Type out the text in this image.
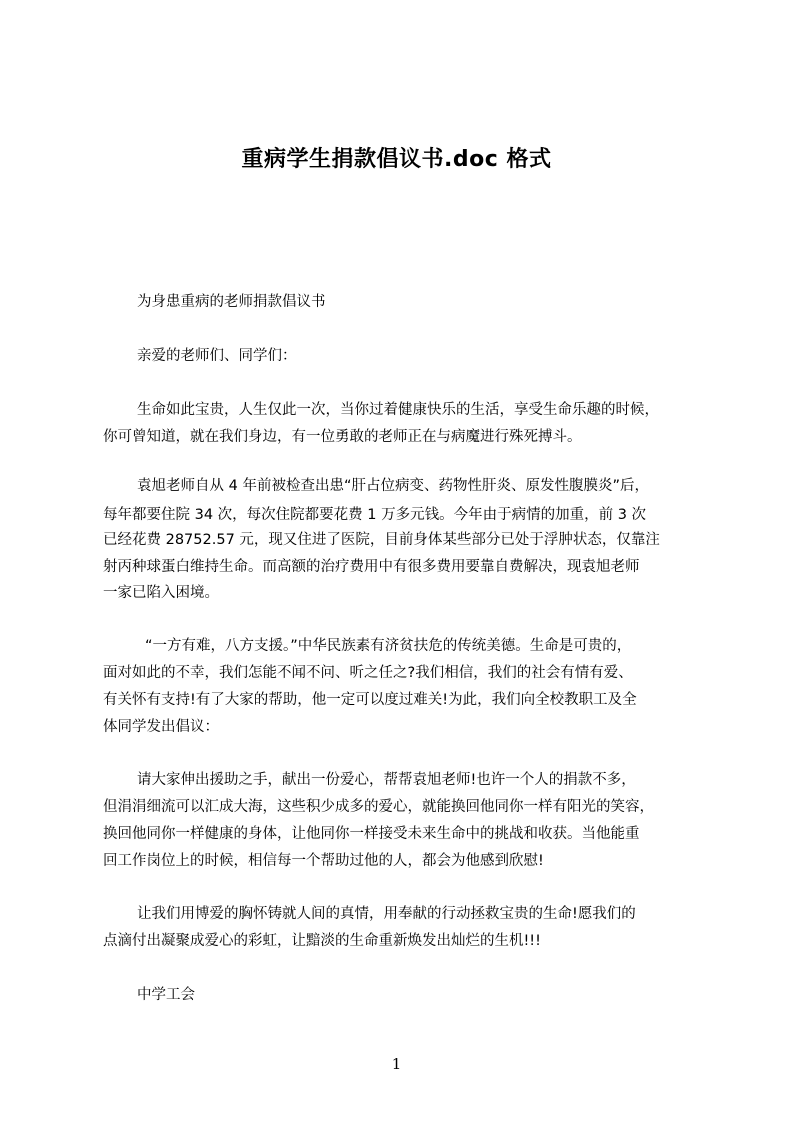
重病学生捐款倡议书.doc 格式
为身患重病的老师捐款倡议书
亲爱的老师们、同学们：
生命如此宝贵，人生仅此一次，当你过着健康快乐的生活，享受生命乐趣的时候，
你可曾知道，就在我们身边，有一位勇敢的老师正在与病魔进行殊死搏斗。
袁旭老师自从 4 年前被检查出患“肝占位病变、药物性肝炎、原发性腹膜炎”后，
每年都要住院 34 次，每次住院都要花费 1 万多元钱。今年由于病情的加重，前 3 次
已经花费 28752.57 元，现又住进了医院，目前身体某些部分已处于浮肿状态，仅靠注
射丙种球蛋白维持生命。而高额的治疗费用中有很多费用要靠自费解决，现袁旭老师
一家已陷入困境。
“一方有难，八方支援。”中华民族素有济贫扶危的传统美德。生命是可贵的，
面对如此的不幸，我们怎能不闻不问、听之任之?我们相信，我们的社会有情有爱、
有关怀有支持!有了大家的帮助，他一定可以度过难关!为此，我们向全校教职工及全
体同学发出倡议：
请大家伸出援助之手，献出一份爱心，帮帮袁旭老师!也许一个人的捐款不多，
但涓涓细流可以汇成大海，这些积少成多的爱心，就能换回他同你一样有阳光的笑容，
换回他同你一样健康的身体，让他同你一样接受未来生命中的挑战和收获。当他能重
回工作岗位上的时候，相信每一个帮助过他的人，都会为他感到欣慰!
让我们用博爱的胸怀铸就人间的真情，用奉献的行动拯救宝贵的生命!愿我们的
点滴付出凝聚成爱心的彩虹，让黯淡的生命重新焕发出灿烂的生机!!!
中学工会
1
